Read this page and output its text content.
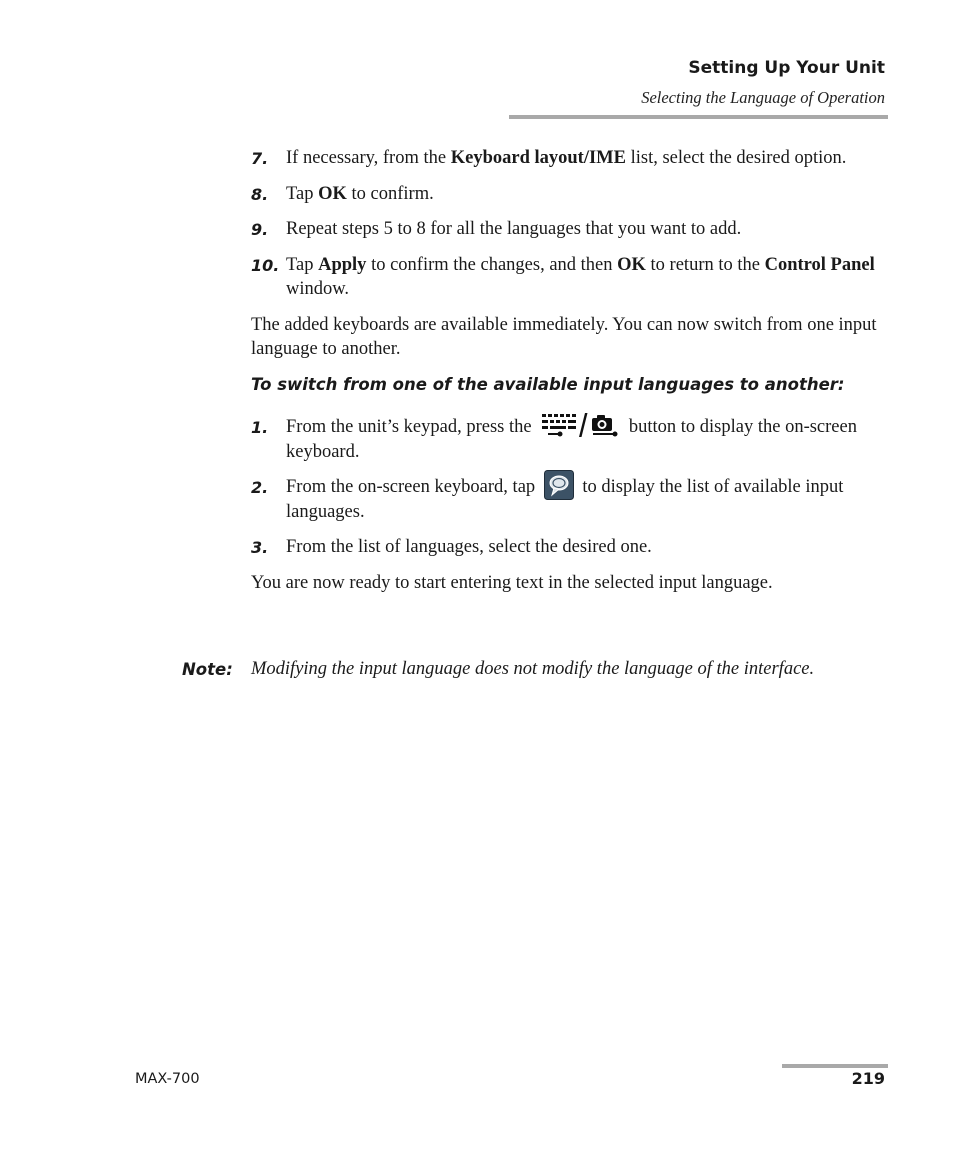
Setting Up Your Unit
Selecting the Language of Operation
7. If necessary, from the Keyboard layout/IME list, select the desired option.
8. Tap OK to confirm.
9. Repeat steps 5 to 8 for all the languages that you want to add.
10. Tap Apply to confirm the changes, and then OK to return to the Control Panel window.
The added keyboards are available immediately. You can now switch from one input language to another.
To switch from one of the available input languages to another:
1. From the unit’s keypad, press the	button to display the on-screen keyboard.
2. From the on-screen keyboard, tap  to display the list of available input languages.
3. From the list of languages, select the desired one.
You are now ready to start entering text in the selected input language.
Note: Modifying the input language does not modify the language of the interface.
MAX-700	219
